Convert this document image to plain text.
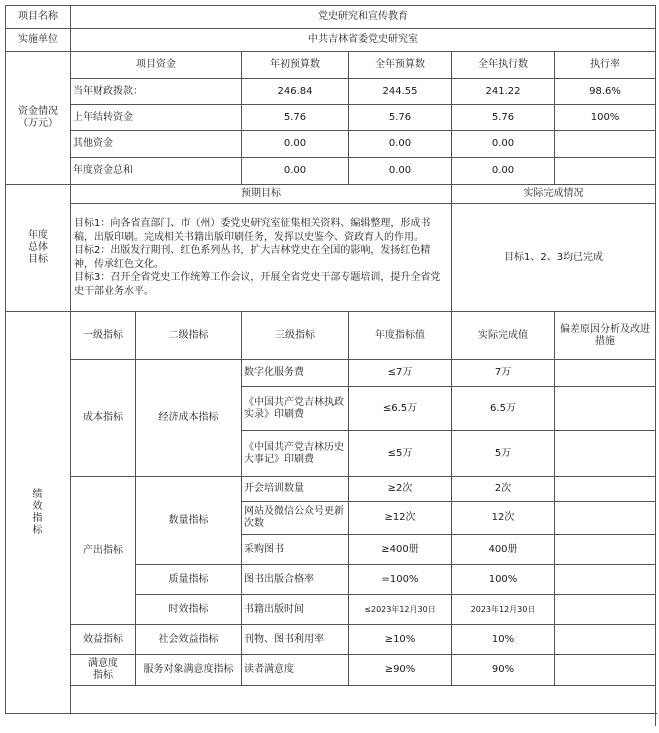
项目名称	党史研究和宣传教育					
实施单位	中共吉林省委党史研究室					
资金情况
（万元）	项目资金		年初预算数	全年预算数	全年执行数	执行率
	当年财政拨款：		246.84	244.55	241.22	98.6%
	上年结转资金		5.76	5.76	5.76	100%
	其他资金		0.00	0.00	0.00	
	年度资金总和		0.00	0.00	0.00	
年度
总体
目标	预期目标				实际完成情况	
	目标1：向各省直部门、市（州）委党史研究室征集相关资料、编辑整理，形成书稿，出版印刷。完成相关书籍出版印刷任务，发挥以史鉴今、资政育人的作用。
目标2：出版发行期刊、红色系列丛书，扩大吉林党史在全国的影响，发扬红色精神，传承红色文化。
目标3：召开全省党史工作统筹工作会议，开展全省党史干部专题培训，提升全省党史干部业务水平。				目标1、2、3均已完成	
绩
效
指
标	一级指标	二级指标	三级指标	年度指标值	实际完成值	偏差原因分析及改进措施
	成本指标	经济成本指标	数字化服务费	≤7万	7万	
			《中国共产党吉林执政实录》印刷费	≤6.5万	6.5万	
			《中国共产党吉林历史大事记》印刷费	≤5万	5万	
	产出指标	数量指标	开会培训数量	≥2次	2次	
			网站及微信公众号更新次数	≥12次	12次	
			采购图书	≥400册	400册	
		质量指标	图书出版合格率	=100%	100%	
		时效指标	书籍出版时间	≤2023年12月30日	2023年12月30日	
	效益指标	社会效益指标	刊物、图书利用率	≥10%	10%	
	满意度
指标	服务对象满意度指标	读者满意度	≥90%	90%	
